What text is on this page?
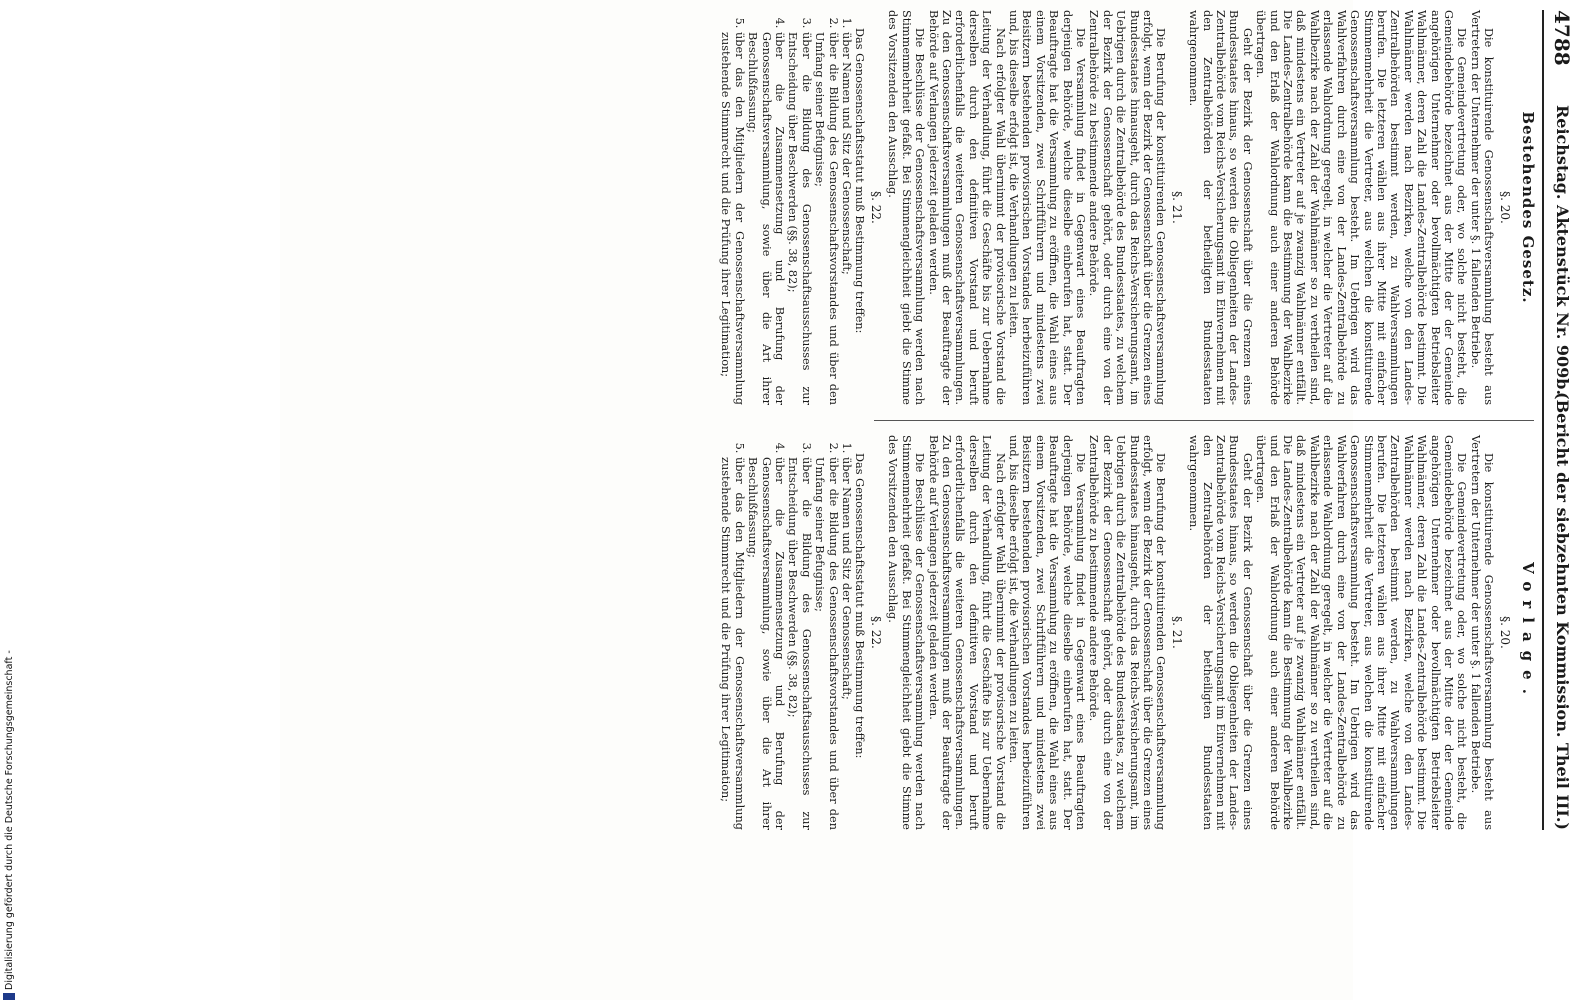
4788
Reichstag. Aktenstück Nr. 909b.
(Bericht der siebzehnten Kommission. Theil III.)
Bestehendes Gesetz.
§. 20.

Die konstituirende Genossenschaftsversammlung besteht aus Vertretern der Unternehmer der unter §. 1 fallenden Betriebe.

Die Gemeindevertretung oder, wo solche nicht besteht, die Gemeindebehörde bezeichnet aus der Mitte der der Gemeinde angehörigen Unternehmer oder bevollmächtigten Betriebsleiter Wahlmänner, deren Zahl die Landes-Zentralbehörde bestimmt. Die Wahlmänner werden nach Bezirken, welche von den Landes-Zentralbehörden bestimmt werden, zu Wahlversammlungen berufen. Die letzteren wählen aus ihrer Mitte mit einfacher Stimmenmehrheit die Vertreter, aus welchen die konstituirende Genossenschaftsversammlung besteht. Im Uebrigen wird das Wahlverfahren durch eine von der Landes-Zentralbehörde zu erlassende Wahlordnung geregelt, in welcher die Vertreter auf die Wahlbezirke nach der Zahl der Wahlmänner so zu vertheilen sind, daß mindestens ein Vertreter auf je zwanzig Wahlmänner entfällt. Die Landes-Zentralbehörde kann die Bestimmung der Wahlbezirke und den Erlaß der Wahlordnung auch einer anderen Behörde übertragen.

Geht der Bezirk der Genossenschaft über die Grenzen eines Bundesstaates hinaus, so werden die Obliegenheiten der Landes-Zentralbehörde vom Reichs-Versicherungsamt im Einvernehmen mit den Zentralbehörden der betheiligten Bundesstaaten wahrgenommen.

§. 21.

Die Berufung der konstituirenden Genossenschaftsversammlung erfolgt, wenn der Bezirk der Genossenschaft über die Grenzen eines Bundesstaates hinausgeht, durch das Reichs-Versicherungsamt, im Uebrigen durch die Zentralbehörde des Bundesstaates, zu welchem der Bezirk der Genossenschaft gehört, oder durch eine von der Zentralbehörde zu bestimmende andere Behörde.

Die Versammlung findet in Gegenwart eines Beauftragten derjenigen Behörde, welche dieselbe einberufen hat, statt. Der Beauftragte hat die Versammlung zu eröffnen, die Wahl eines aus einem Vorsitzenden, zwei Schriftführern und mindestens zwei Beisitzern bestehenden provisorischen Vorstandes herbeizuführen und, bis dieselbe erfolgt ist, die Verhandlungen zu leiten.

Nach erfolgter Wahl übernimmt der provisorische Vorstand die Leitung der Verhandlung, führt die Geschäfte bis zur Uebernahme derselben durch den definitiven Vorstand und beruft erforderlichenfalls die weiteren Genossenschaftsversammlungen. Zu den Genossenschaftsversammlungen muß der Beauftragte der Behörde auf Verlangen jederzeit geladen werden.

Die Beschlüsse der Genossenschaftsversammlung werden nach Stimmenmehrheit gefaßt. Bei Stimmengleichheit giebt die Stimme des Vorsitzenden den Ausschlag.

§. 22.

Das Genossenschaftsstatut muß Bestimmung treffen:

1. über Namen und Sitz der Genossenschaft;
2. über die Bildung des Genossenschaftsvorstandes und über den Umfang seiner Befugnisse;
3. über die Bildung des Genossenschaftsausschusses zur Entscheidung über Beschwerden (§§. 38, 82);
4. über die Zusammensetzung und Berufung der Genossenschaftsversammlung, sowie über die Art ihrer Beschlußfassung;
5. über das den Mitgliedern der Genossenschaftsversammlung zustehende Stimmrecht und die Prüfung ihrer Legitimation;
Vorlage.
§. 20.

Die konstituirende Genossenschaftsversammlung besteht aus Vertretern der Unternehmer der unter §. 1 fallenden Betriebe.

Die Gemeindevertretung oder, wo solche nicht besteht, die Gemeindebehörde bezeichnet aus der Mitte der der Gemeinde angehörigen Unternehmer oder bevollmächtigten Betriebsleiter Wahlmänner, deren Zahl die Landes-Zentralbehörde bestimmt. Die Wahlmänner werden nach Bezirken, welche von den Landes-Zentralbehörden bestimmt werden, zu Wahlversammlungen berufen. Die letzteren wählen aus ihrer Mitte mit einfacher Stimmenmehrheit die Vertreter, aus welchen die konstituirende Genossenschaftsversammlung besteht. Im Uebrigen wird das Wahlverfahren durch eine von der Landes-Zentralbehörde zu erlassende Wahlordnung geregelt, in welcher die Vertreter auf die Wahlbezirke nach der Zahl der Wahlmänner so zu vertheilen sind, daß mindestens ein Vertreter auf je zwanzig Wahlmänner entfällt. Die Landes-Zentralbehörde kann die Bestimmung der Wahlbezirke und den Erlaß der Wahlordnung auch einer anderen Behörde übertragen.

Geht der Bezirk der Genossenschaft über die Grenzen eines Bundesstaates hinaus, so werden die Obliegenheiten der Landes-Zentralbehörde vom Reichs-Versicherungsamt im Einvernehmen mit den Zentralbehörden der betheiligten Bundesstaaten wahrgenommen.

§. 21.

Die Berufung der konstituirenden Genossenschaftsversammlung erfolgt, wenn der Bezirk der Genossenschaft über die Grenzen eines Bundesstaates hinausgeht, durch das Reichs-Versicherungsamt, im Uebrigen durch die Zentralbehörde des Bundesstaates, zu welchem der Bezirk der Genossenschaft gehört, oder durch eine von der Zentralbehörde zu bestimmende andere Behörde.

Die Versammlung findet in Gegenwart eines Beauftragten derjenigen Behörde, welche dieselbe einberufen hat, statt. Der Beauftragte hat die Versammlung zu eröffnen, die Wahl eines aus einem Vorsitzenden, zwei Schriftführern und mindestens zwei Beisitzern bestehenden provisorischen Vorstandes herbeizuführen und, bis dieselbe erfolgt ist, die Verhandlungen zu leiten.

Nach erfolgter Wahl übernimmt der provisorische Vorstand die Leitung der Verhandlung, führt die Geschäfte bis zur Uebernahme derselben durch den definitiven Vorstand und beruft erforderlichenfalls die weiteren Genossenschaftsversammlungen. Zu den Genossenschaftsversammlungen muß der Beauftragte der Behörde auf Verlangen jederzeit geladen werden.

Die Beschlüsse der Genossenschaftsversammlung werden nach Stimmenmehrheit gefaßt. Bei Stimmengleichheit giebt die Stimme des Vorsitzenden den Ausschlag.

§. 22.

Das Genossenschaftsstatut muß Bestimmung treffen:

1. über Namen und Sitz der Genossenschaft;
2. über die Bildung des Genossenschaftsvorstandes und über den Umfang seiner Befugnisse;
3. über die Bildung des Genossenschaftsausschusses zur Entscheidung über Beschwerden (§§. 38, 82);
4. über die Zusammensetzung und Berufung der Genossenschaftsversammlung, sowie über die Art ihrer Beschlußfassung;
5. über das den Mitgliedern der Genossenschaftsversammlung zustehende Stimmrecht und die Prüfung ihrer Legitimation;
Digitalisierung gefördert durch die Deutsche Forschungsgemeinschaft -
